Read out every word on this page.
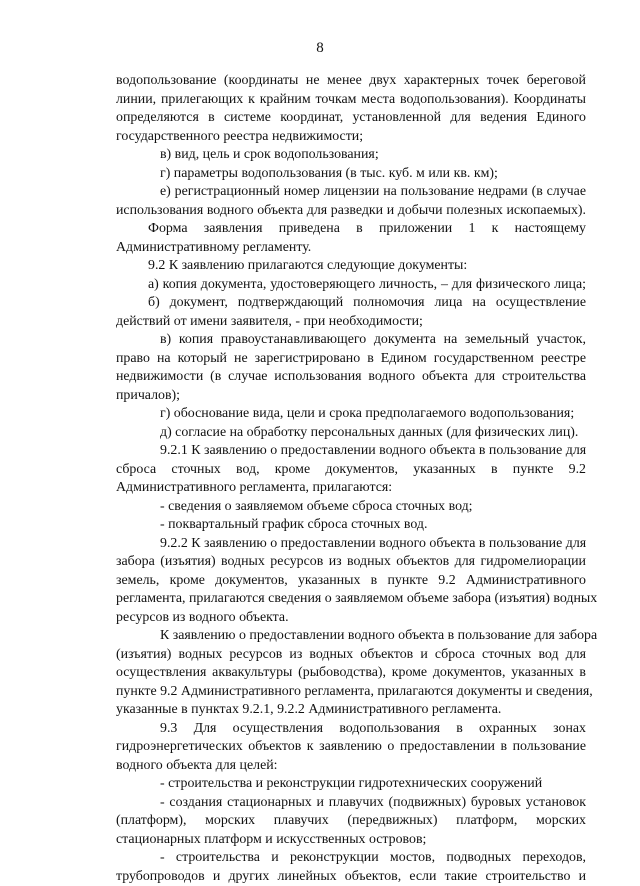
8
водопользование (координаты не менее двух характерных точек береговой
линии, прилегающих к крайним точкам места водопользования). Координаты
определяются в системе координат, установленной для ведения Единого
государственного реестра недвижимости;
в) вид, цель и срок водопользования;
г) параметры водопользования (в тыс. куб. м или кв. км);
е) регистрационный номер лицензии на пользование недрами (в случае
использования водного объекта для разведки и добычи полезных ископаемых).
Форма заявления приведена в приложении 1 к настоящему
Административному регламенту.
9.2 К заявлению прилагаются следующие документы:
а) копия документа, удостоверяющего личность, – для физического лица;
б) документ, подтверждающий полномочия лица на осуществление
действий от имени заявителя, - при необходимости;
в) копия правоустанавливающего документа на земельный участок,
право на который не зарегистрировано в Едином государственном реестре
недвижимости (в случае использования водного объекта для строительства
причалов);
г) обоснование вида, цели и срока предполагаемого водопользования;
д) согласие на обработку персональных данных (для физических лиц).
9.2.1 К заявлению о предоставлении водного объекта в пользование для
сброса сточных вод, кроме документов, указанных в пункте 9.2
Административного регламента, прилагаются:
- сведения о заявляемом объеме сброса сточных вод;
- поквартальный график сброса сточных вод.
9.2.2 К заявлению о предоставлении водного объекта в пользование для
забора (изъятия) водных ресурсов из водных объектов для гидромелиорации
земель, кроме документов, указанных в пункте 9.2 Административного
регламента, прилагаются сведения о заявляемом объеме забора (изъятия) водных
ресурсов из водного объекта.
К заявлению о предоставлении водного объекта в пользование для забора
(изъятия) водных ресурсов из водных объектов и сброса сточных вод для
осуществления аквакультуры (рыбоводства), кроме документов, указанных в
пункте 9.2 Административного регламента, прилагаются документы и сведения,
указанные в пунктах 9.2.1, 9.2.2 Административного регламента.
9.3 Для осуществления водопользования в охранных зонах
гидроэнергетических объектов к заявлению о предоставлении в пользование
водного объекта для целей:
- строительства и реконструкции гидротехнических сооружений
- создания стационарных и плавучих (подвижных) буровых установок
(платформ), морских плавучих (передвижных) платформ, морских
стационарных платформ и искусственных островов;
- строительства и реконструкции мостов, подводных переходов,
трубопроводов и других линейных объектов, если такие строительство и
